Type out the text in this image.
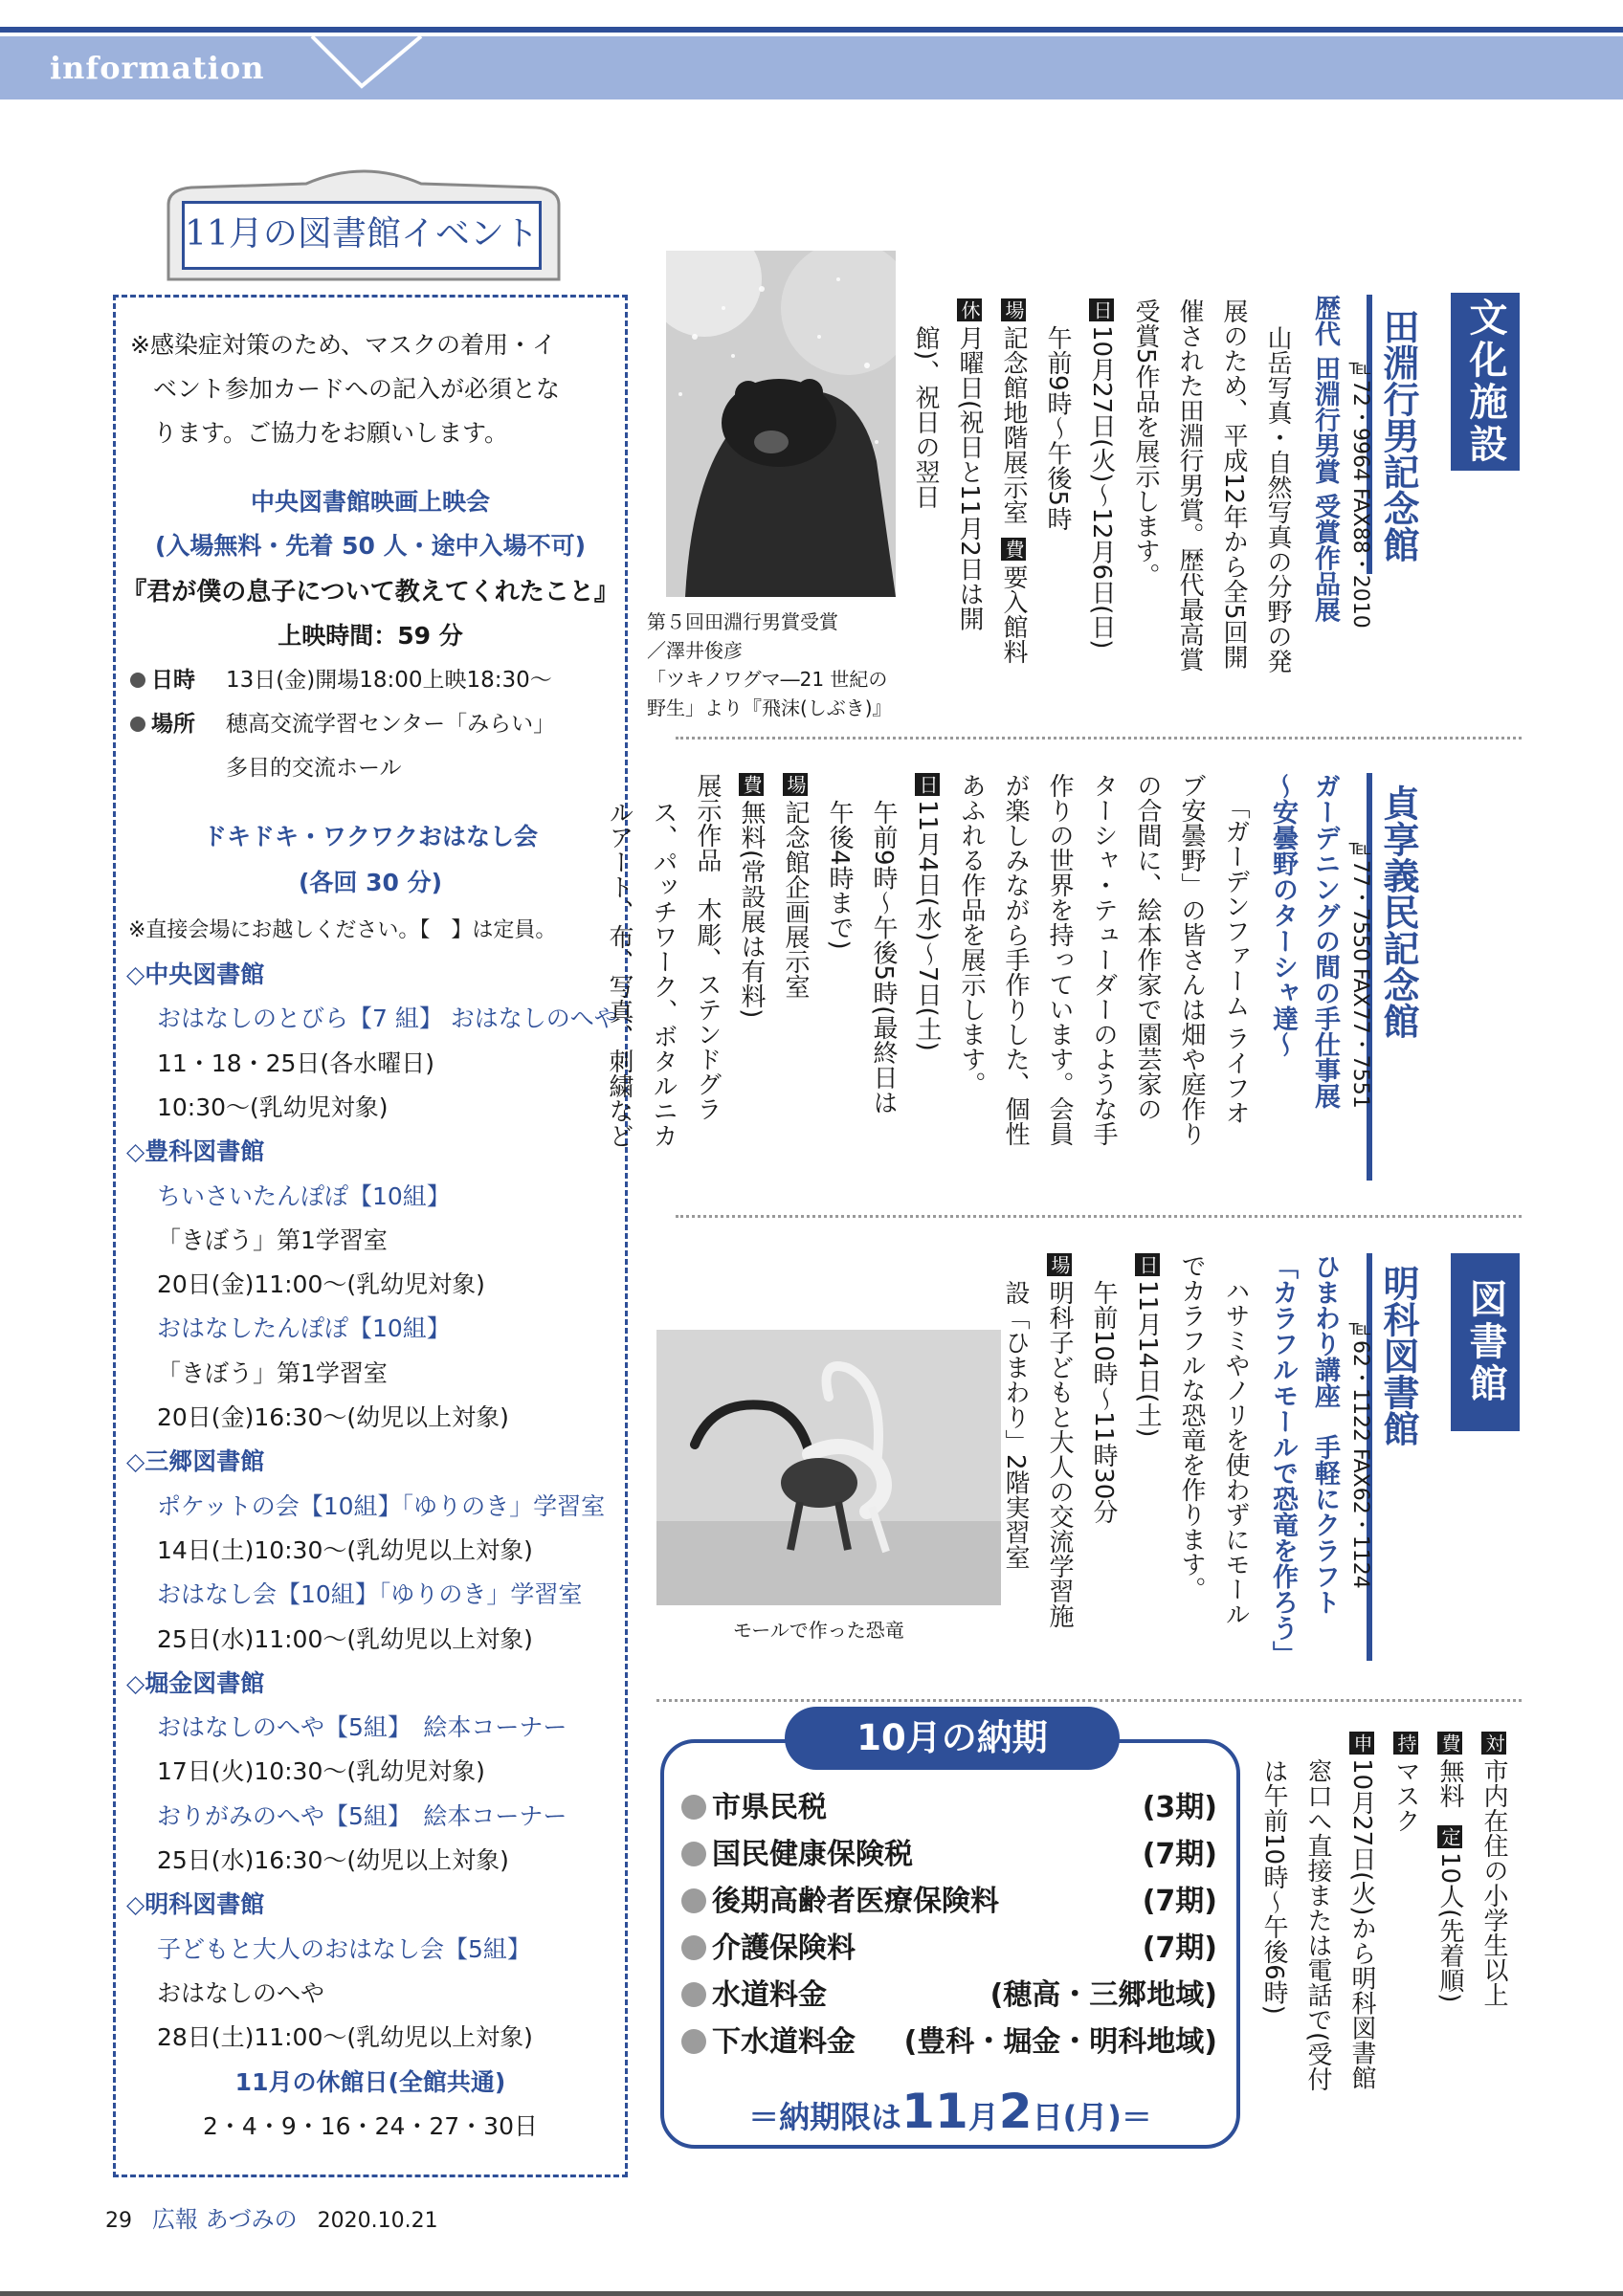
information
11月の図書館イベント
※感染症対策のため、マスクの着用・イ
ベント参加カードへの記入が必須とな
ります。ご協力をお願いします。
中央図書館映画上映会
(入場無料・先着 50 人・途中入場不可)
『君が僕の息子について教えてくれたこと』
上映時間：59 分
日時 13日(金)開場18:00上映18:30〜
場所 穂高交流学習センター「みらい」
多目的交流ホール
ドキドキ・ワクワクおはなし会
(各回 30 分)
※直接会場にお越しください。【　】は定員。
◇中央図書館
おはなしのとびら【7 組】 おはなしのへや
11・18・25日(各水曜日)
10:30〜(乳幼児対象)
◇豊科図書館
ちいさいたんぽぽ【10組】
「きぼう」第1学習室
20日(金)11:00〜(乳幼児対象)
おはなしたんぽぽ【10組】
「きぼう」第1学習室
20日(金)16:30〜(幼児以上対象)
◇三郷図書館
ポケットの会【10組】「ゆりのき」学習室
14日(土)10:30〜(乳幼児以上対象)
おはなし会【10組】「ゆりのき」学習室
25日(水)11:00〜(乳幼児以上対象)
◇堀金図書館
おはなしのへや【5組】　絵本コーナー
17日(火)10:30〜(乳幼児対象)
おりがみのへや【5組】　絵本コーナー
25日(水)16:30〜(幼児以上対象)
◇明科図書館
子どもと大人のおはなし会【5組】
おはなしのへや
28日(土)11:00〜(乳幼児以上対象)
11月の休館日(全館共通)
2・4・9・16・24・27・30日
文化施設
図書館
田淵行男記念館
℡72・9964 FAX88・2010
歴代 田淵行男賞 受賞作品展
山岳写真・自然写真の分野の発
展のため、平成12年から全5回開
催された田淵行男賞。歴代最高賞
受賞5作品を展示します。
日10月27日(火)〜12月6日(日)
午前9時〜午後5時
場記念館地階展示室費要入館料
休月曜日(祝日と11月2日は開
館)、祝日の翌日
第５回田淵行男賞受賞
／澤井俊彦
「ツキノワグマ―21 世紀の
野生」より『飛沫(しぶき)』
貞享義民記念館
℡77・7550 FAX77・7551
ガーデニングの間の手仕事展
〜安曇野のターシャ達〜
「ガーデンファーム ライフオ
ブ安曇野」の皆さんは畑や庭作り
の合間に、絵本作家で園芸家の
ターシャ・テューダーのような手
作りの世界を持っています。会員
が楽しみながら手作りした、個性
あふれる作品を展示します。
日11月4日(水)〜7日(土)
午前9時〜午後5時(最終日は
午後4時まで)
場記念館企画展示室
費無料(常設展は有料)
展示作品　木彫、ステンドグラ
ス、パッチワーク、ボタルニカ
ルアート、布、写真、刺繍など
明科図書館
℡62・1122 FAX62・1124
ひまわり講座　手軽にクラフト
「カラフルモールで恐竜を作ろう」
ハサミやノリを使わずにモール
でカラフルな恐竜を作ります。
日11月14日(土)
午前10時〜11時30分
場明科子どもと大人の交流学習施
設「ひまわり」2階実習室
モールで作った恐竜
対市内在住の小学生以上
費無料定10人(先着順)
持マスク
申10月27日(火)から明科図書館
窓口へ直接または電話で(受付
は午前10時〜午後6時)
10月の納期
市県民税	(3期)
国民健康保険税	(7期)
後期高齢者医療保険料	(7期)
介護保険料	(7期)
水道料金	(穂高・三郷地域)
下水道料金 (豊科・堀金・明科地域)
＝納期限は11月2日(月)＝
29 広報 あづみの 2020.10.21
